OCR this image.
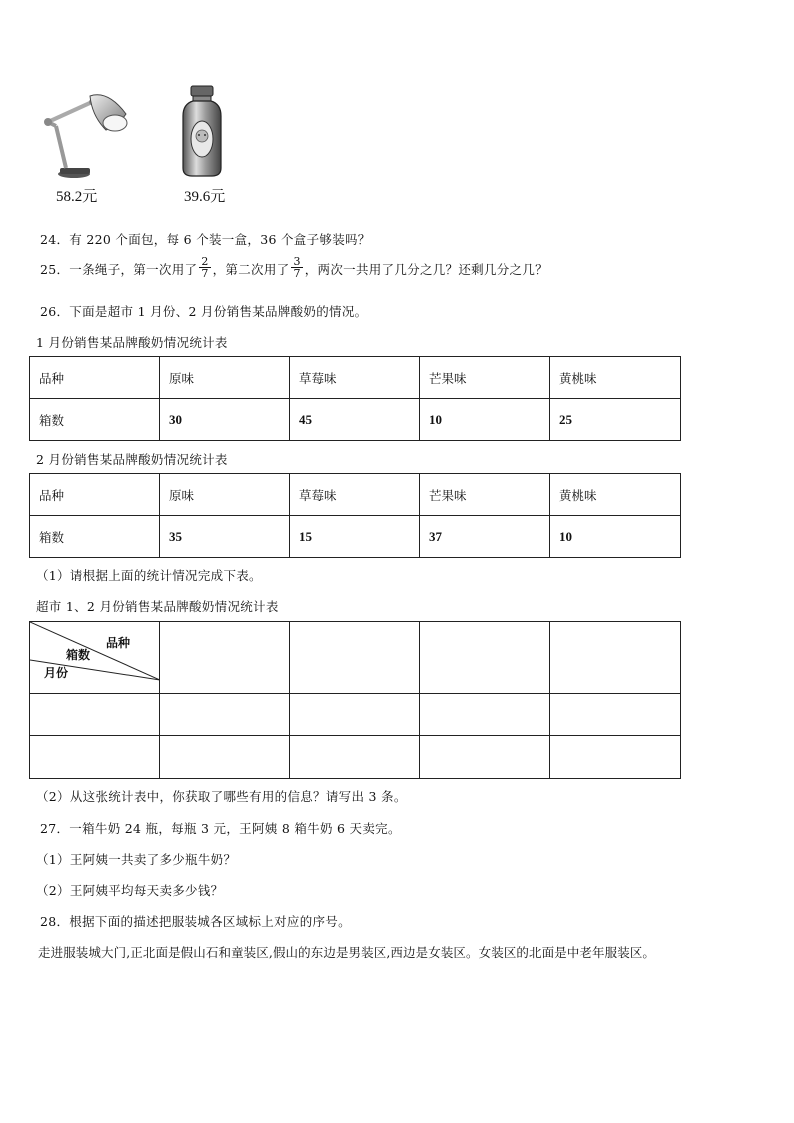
58.2元	39.6元
24．有 220 个面包，每 6 个装一盒，36 个盒子够装吗？
25．一条绳子，第一次用了 $\frac{2}{7}$ ，第二次用了 $\frac{3}{7}$ ，两次一共用了几分之几？还剩几分之几？
26．下面是超市 1 月份、2 月份销售某品牌酸奶的情况。
1 月份销售某品牌酸奶情况统计表
品种	原味	草莓味	芒果味	黄桃味
箱数	30	45	10	25
2 月份销售某品牌酸奶情况统计表
品种	原味	草莓味	芒果味	黄桃味
箱数	35	15	37	10
（1）请根据上面的统计情况完成下表。
超市 1、2 月份销售某品牌酸奶情况统计表
品种
箱数
月份				

（2）从这张统计表中，你获取了哪些有用的信息？请写出 3 条。
27．一箱牛奶 24 瓶，每瓶 3 元，王阿姨 8 箱牛奶 6 天卖完。
（1）王阿姨一共卖了多少瓶牛奶？
（2）王阿姨平均每天卖多少钱？
28．根据下面的描述把服装城各区域标上对应的序号。
走进服装城大门,正北面是假山石和童装区,假山的东边是男装区,西边是女装区。女装区的北面是中老年服装区。
